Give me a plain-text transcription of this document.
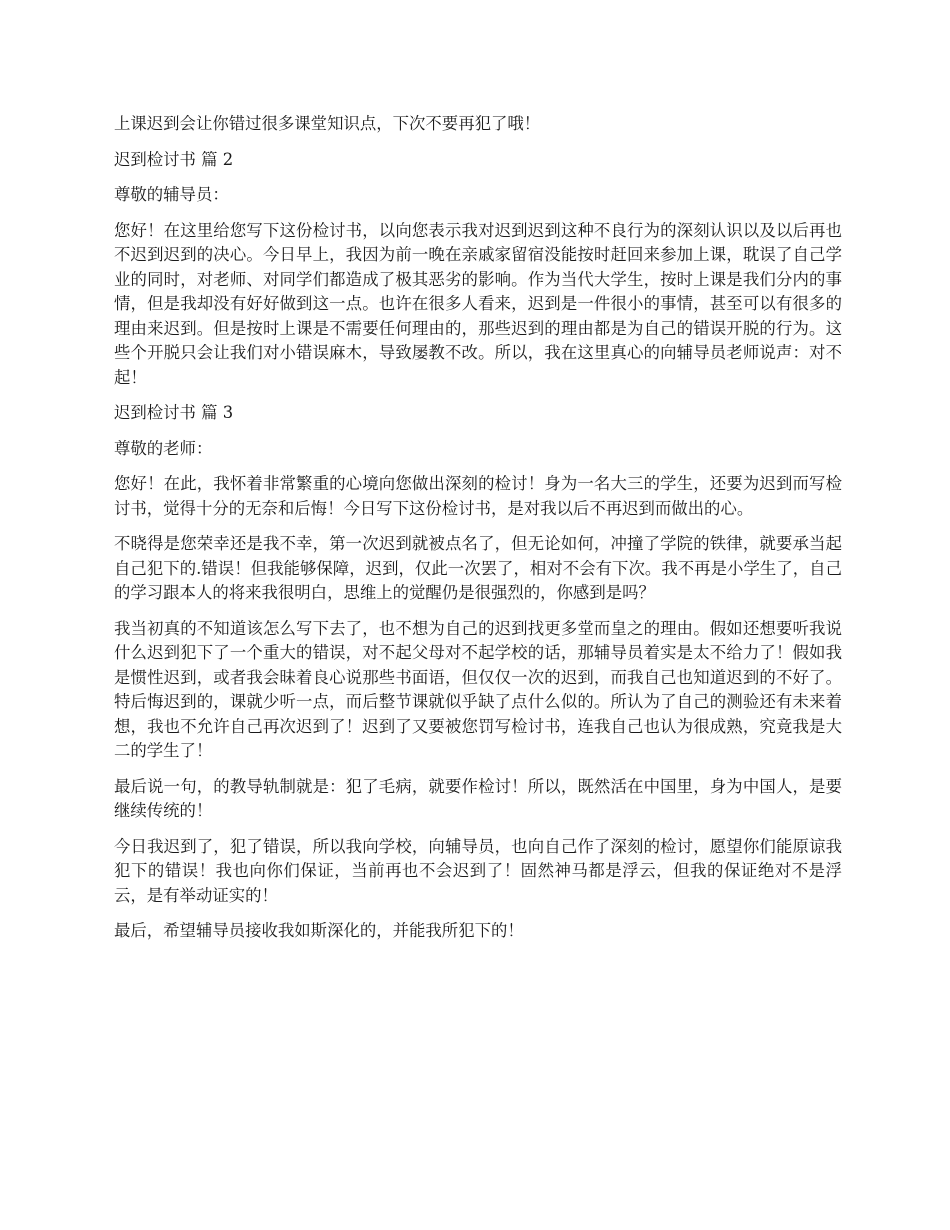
上课迟到会让你错过很多课堂知识点，下次不要再犯了哦！

迟到检讨书 篇 2

尊敬的辅导员：

您好！在这里给您写下这份检讨书，以向您表示我对迟到迟到这种不良行为的深刻认识以及以后再也不迟到迟到的决心。今日早上，我因为前一晚在亲戚家留宿没能按时赶回来参加上课，耽误了自己学业的同时，对老师、对同学们都造成了极其恶劣的影响。作为当代大学生，按时上课是我们分内的事情，但是我却没有好好做到这一点。也许在很多人看来，迟到是一件很小的事情，甚至可以有很多的理由来迟到。但是按时上课是不需要任何理由的，那些迟到的理由都是为自己的错误开脱的行为。这些个开脱只会让我们对小错误麻木，导致屡教不改。所以，我在这里真心的向辅导员老师说声：对不起！

迟到检讨书 篇 3

尊敬的老师：

您好！在此，我怀着非常繁重的心境向您做出深刻的检讨！身为一名大三的学生，还要为迟到而写检讨书，觉得十分的无奈和后悔！今日写下这份检讨书，是对我以后不再迟到而做出的心。

不晓得是您荣幸还是我不幸，第一次迟到就被点名了，但无论如何，冲撞了学院的铁律，就要承当起自己犯下的.错误！但我能够保障，迟到，仅此一次罢了，相对不会有下次。我不再是小学生了，自己的学习跟本人的将来我很明白，思维上的觉醒仍是很强烈的，你感到是吗？

我当初真的不知道该怎么写下去了，也不想为自己的迟到找更多堂而皇之的理由。假如还想要听我说什么迟到犯下了一个重大的错误，对不起父母对不起学校的话，那辅导员着实是太不给力了！假如我是惯性迟到，或者我会昧着良心说那些书面语，但仅仅一次的迟到，而我自己也知道迟到的不好了。特后悔迟到的，课就少听一点，而后整节课就似乎缺了点什么似的。所认为了自己的测验还有未来着想，我也不允许自己再次迟到了！迟到了又要被您罚写检讨书，连我自己也认为很成熟，究竟我是大二的学生了！

最后说一句，的教导轨制就是：犯了毛病，就要作检讨！所以，既然活在中国里，身为中国人，是要继续传统的！

今日我迟到了，犯了错误，所以我向学校，向辅导员，也向自己作了深刻的检讨，愿望你们能原谅我犯下的错误！我也向你们保证，当前再也不会迟到了！固然神马都是浮云，但我的保证绝对不是浮云，是有举动证实的！

最后，希望辅导员接收我如斯深化的，并能我所犯下的！
